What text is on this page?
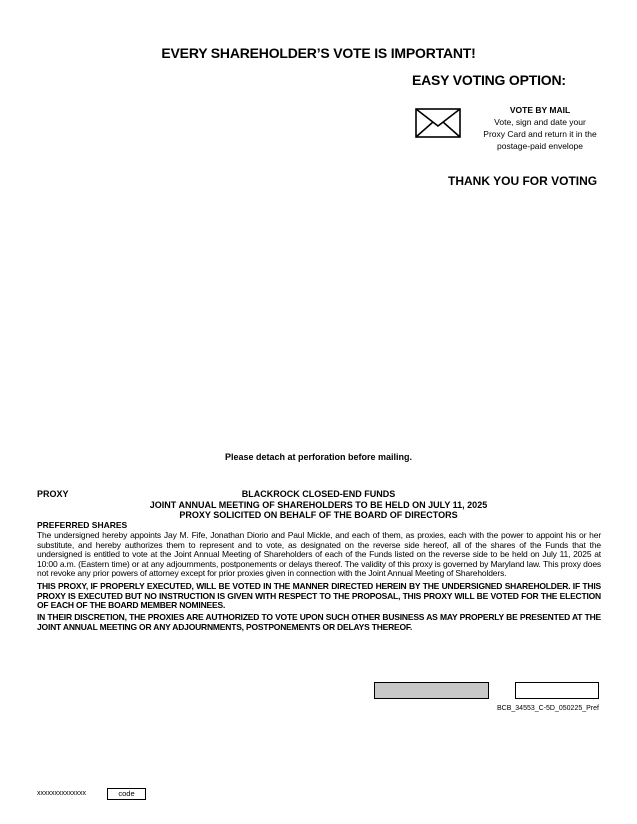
EVERY SHAREHOLDER’S VOTE IS IMPORTANT!
EASY VOTING OPTION:
VOTE BY MAIL
Vote, sign and date your
Proxy Card and return it in the
postage-paid envelope
THANK YOU FOR VOTING
Please detach at perforation before mailing.
PROXY	BLACKROCK CLOSED-END FUNDS
JOINT ANNUAL MEETING OF SHAREHOLDERS TO BE HELD ON JULY 11, 2025
PROXY SOLICITED ON BEHALF OF THE BOARD OF DIRECTORS
PREFERRED SHARES
The undersigned hereby appoints Jay M. Fife, Jonathan Diorio and Paul Mickle, and each of them, as proxies, each with the power to appoint his or her substitute, and hereby authorizes them to represent and to vote, as designated on the reverse side hereof, all of the shares of the Funds that the undersigned is entitled to vote at the Joint Annual Meeting of Shareholders of each of the Funds listed on the reverse side to be held on July 11, 2025 at 10:00 a.m. (Eastern time) or at any adjournments, postponements or delays thereof. The validity of this proxy is governed by Maryland law. This proxy does not revoke any prior powers of attorney except for prior proxies given in connection with the Joint Annual Meeting of Shareholders.
THIS PROXY, IF PROPERLY EXECUTED, WILL BE VOTED IN THE MANNER DIRECTED HEREIN BY THE UNDERSIGNED SHAREHOLDER. IF THIS PROXY IS EXECUTED BUT NO INSTRUCTION IS GIVEN WITH RESPECT TO THE PROPOSAL, THIS PROXY WILL BE VOTED FOR THE ELECTION OF EACH OF THE BOARD MEMBER NOMINEES.
IN THEIR DISCRETION, THE PROXIES ARE AUTHORIZED TO VOTE UPON SUCH OTHER BUSINESS AS MAY PROPERLY BE PRESENTED AT THE JOINT ANNUAL MEETING OR ANY ADJOURNMENTS, POSTPONEMENTS OR DELAYS THEREOF.
BCB_34553_C-5D_050225_Pref
xxxxxxxxxxxxxx	code
